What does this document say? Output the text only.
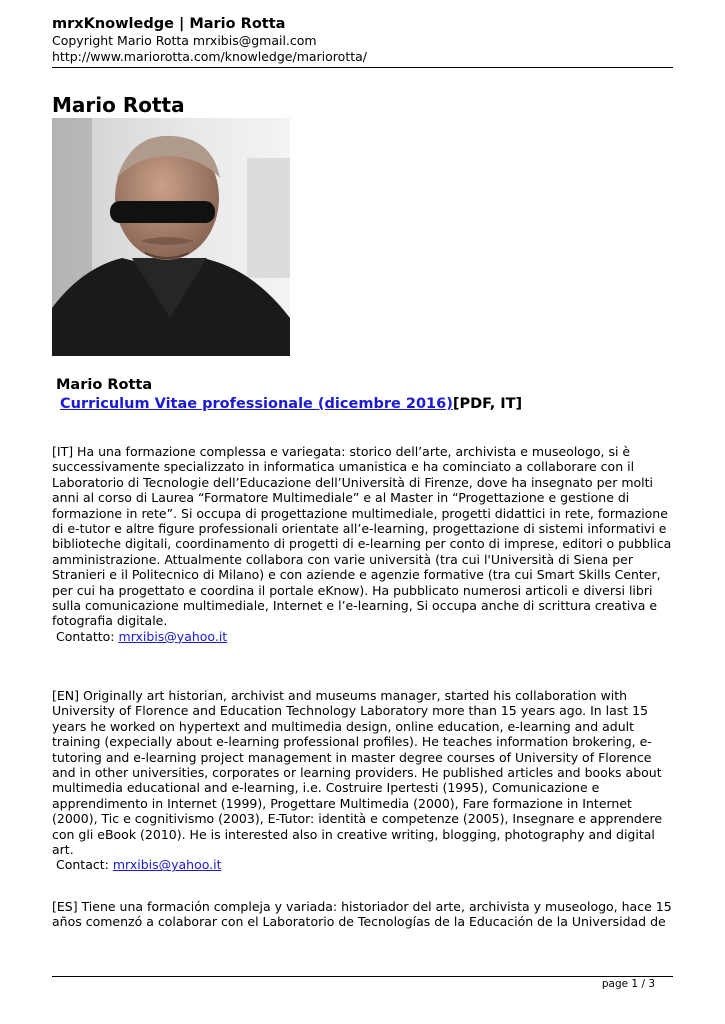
mrxKnowledge | Mario Rotta
Copyright Mario Rotta mrxibis@gmail.com
http://www.mariorotta.com/knowledge/mariorotta/
Mario Rotta
Mario Rotta
Curriculum Vitae professionale (dicembre 2016)[PDF, IT]

[IT] Ha una formazione complessa e variegata: storico dell’arte, archivista e museologo, si è successivamente specializzato in informatica umanistica e ha cominciato a collaborare con il Laboratorio di Tecnologie dell’Educazione dell’Università di Firenze, dove ha insegnato per molti anni al corso di Laurea “Formatore Multimediale” e al Master in “Progettazione e gestione di formazione in rete”. Si occupa di progettazione multimediale, progetti didattici in rete, formazione di e-tutor e altre figure professionali orientate all’e-learning, progettazione di sistemi informativi e biblioteche digitali, coordinamento di progetti di e-learning per conto di imprese, editori o pubblica amministrazione. Attualmente collabora con varie università (tra cui l'Università di Siena per Stranieri e il Politecnico di Milano) e con aziende e agenzie formative (tra cui Smart Skills Center, per cui ha progettato e coordina il portale eKnow). Ha pubblicato numerosi articoli e diversi libri sulla comunicazione multimediale, Internet e l’e-learning, Si occupa anche di scrittura creativa e fotografia digitale.

Contatto: mrxibis@yahoo.it

[EN] Originally art historian, archivist and museums manager, started his collaboration with University of Florence and Education Technology Laboratory more than 15 years ago. In last 15 years he worked on hypertext and multimedia design, online education, e-learning and adult training (expecially about e-learning professional profiles). He teaches information brokering, e-tutoring and e-learning project management in master degree courses of University of Florence and in other universities, corporates or learning providers. He published articles and books about multimedia educational and e-learning, i.e. Costruire Ipertesti (1995), Comunicazione e apprendimento in Internet (1999), Progettare Multimedia (2000), Fare formazione in Internet (2000), Tic e cognitivismo (2003), E-Tutor: identità e competenze (2005), Insegnare e apprendere con gli eBook (2010). He is interested also in creative writing, blogging, photography and digital art.

Contact: mrxibis@yahoo.it

[ES] Tiene una formación compleja y variada: historiador del arte, archivista y museologo, hace 15 años comenzó a colaborar con el Laboratorio de Tecnologías de la Educación de la Universidad de

page 1 / 3
